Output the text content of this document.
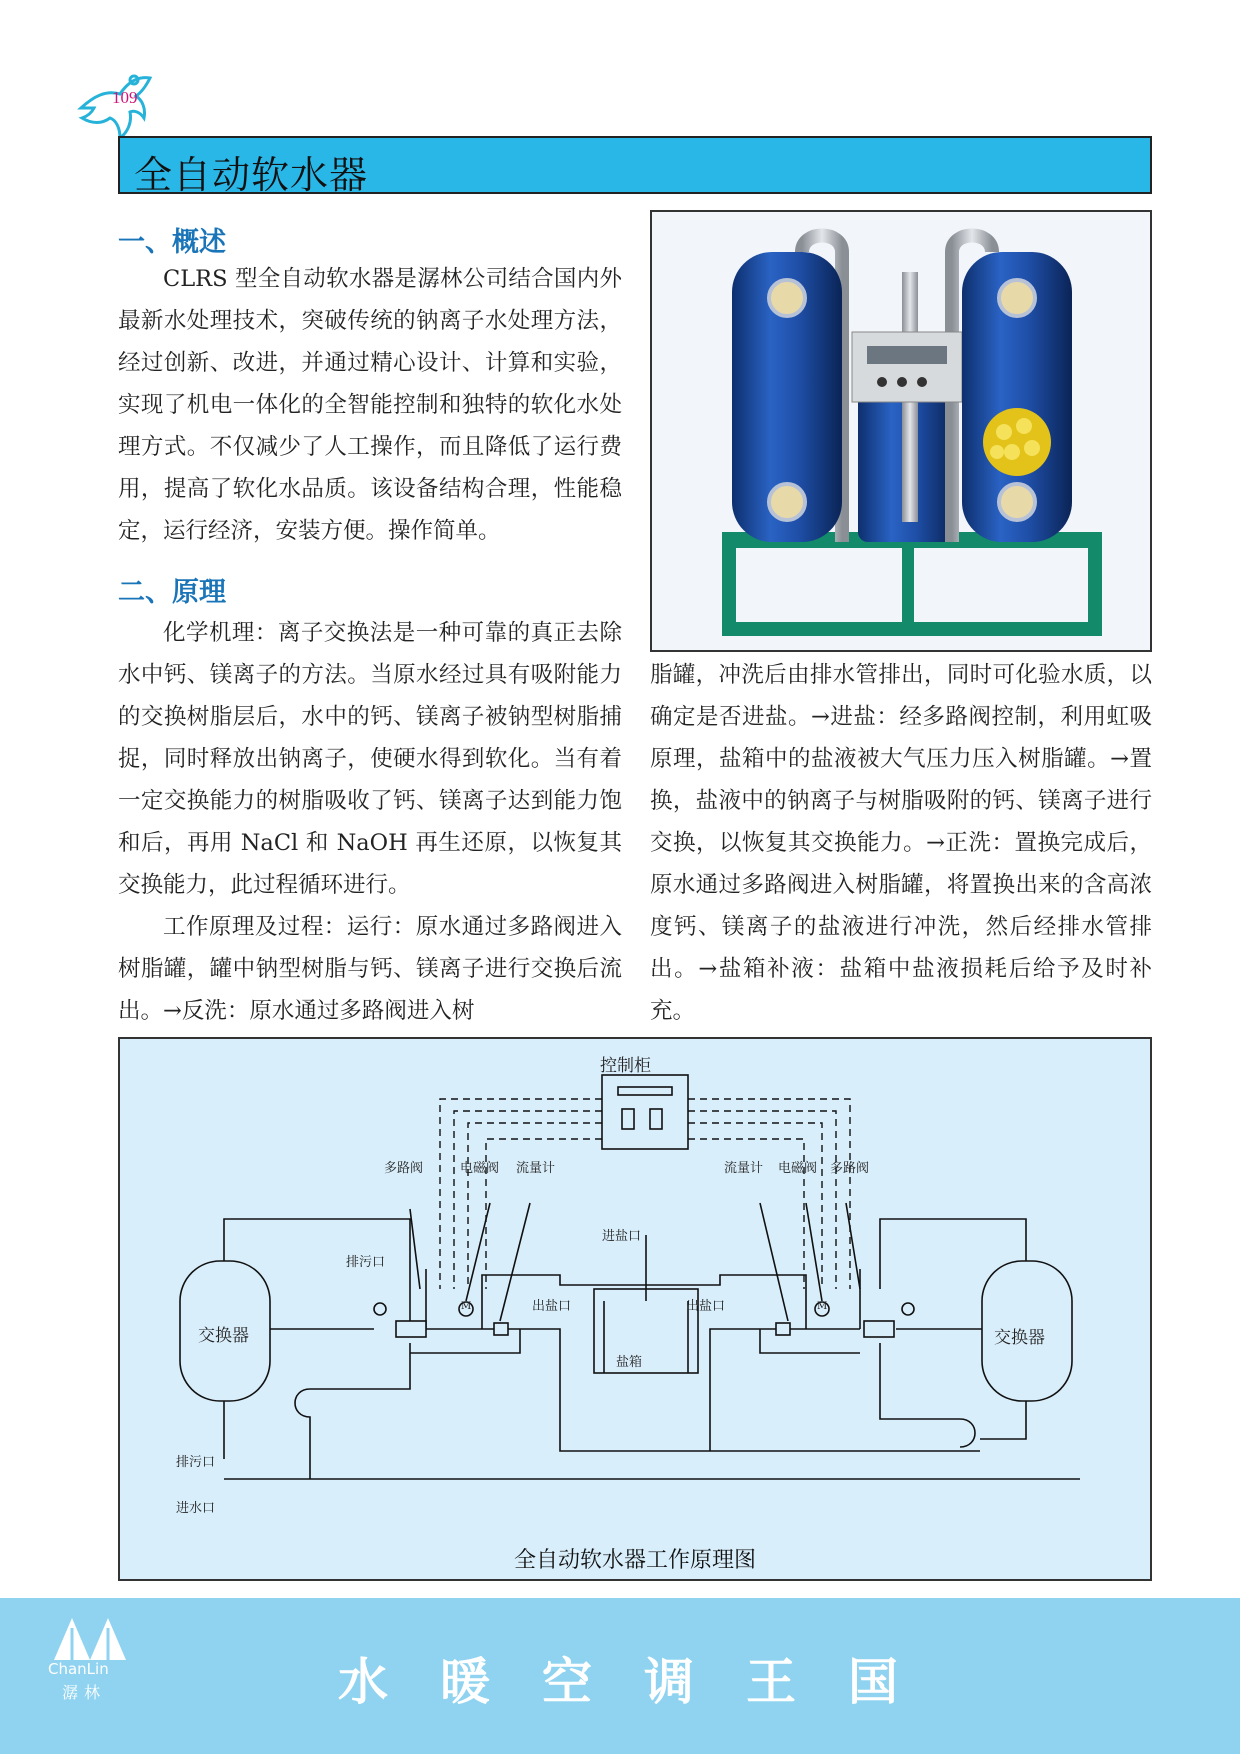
109
全自动软水器
一、概述

CLRS 型全自动软水器是潺林公司结合国内外最新水处理技术，突破传统的钠离子水处理方法，经过创新、改进，并通过精心设计、计算和实验，实现了机电一体化的全智能控制和独特的软化水处理方式。不仅减少了人工操作，而且降低了运行费用，提高了软化水品质。该设备结构合理，性能稳定，运行经济，安装方便。操作简单。

二、原理

化学机理：离子交换法是一种可靠的真正去除水中钙、镁离子的方法。当原水经过具有吸附能力的交换树脂层后，水中的钙、镁离子被钠型树脂捕捉，同时释放出钠离子，使硬水得到软化。当有着一定交换能力的树脂吸收了钙、镁离子达到能力饱和后，再用 NaCl 和 NaOH 再生还原，以恢复其交换能力，此过程循环进行。

工作原理及过程：运行：原水通过多路阀进入树脂罐，罐中钠型树脂与钙、镁离子进行交换后流出。→反洗：原水通过多路阀进入树

脂罐，冲洗后由排水管排出，同时可化验水质，以确定是否进盐。→进盐：经多路阀控制，利用虹吸原理，盐箱中的盐液被大气压力压入树脂罐。→置换，盐液中的钠离子与树脂吸附的钙、镁离子进行交换，以恢复其交换能力。→正洗：置换完成后，原水通过多路阀进入树脂罐，将置换出来的含高浓度钙、镁离子的盐液进行冲洗，然后经排水管排出。→盐箱补液：盐箱中盐液损耗后给予及时补充。

控制柜
多路阀	电磁阀 流量计	流量计 电磁阀 多路阀
排污口
进盐口
出盐口	出盐口
交换器	交换器
盐箱
排污口
进水口
M	M
全自动软水器工作原理图
ChanLin
潺林	水暖空调王国
